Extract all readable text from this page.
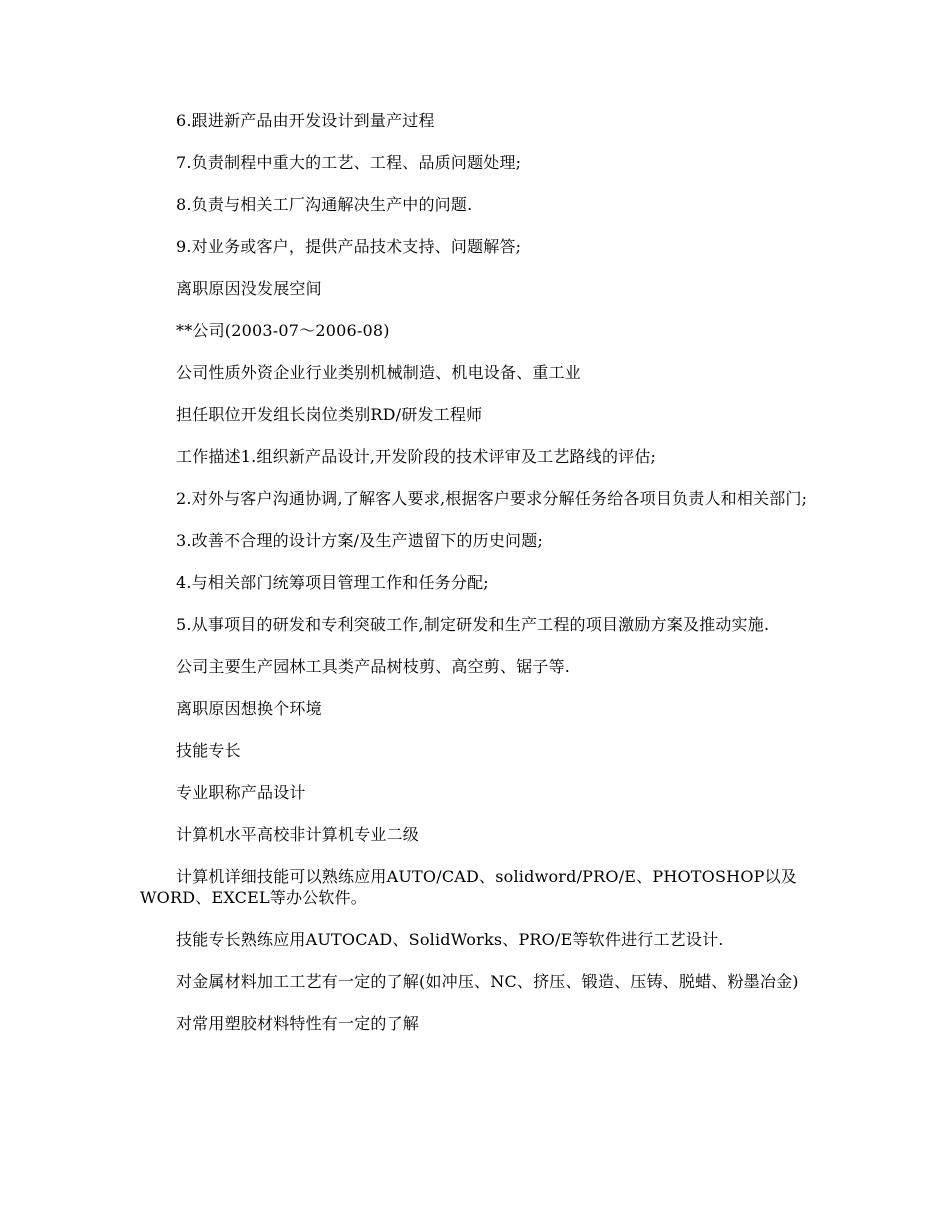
6.跟进新产品由开发设计到量产过程

7.负责制程中重大的工艺、工程、品质问题处理;

8.负责与相关工厂沟通解决生产中的问题.

9.对业务或客户，提供产品技术支持、问题解答;

离职原因没发展空间

**公司(2003-07～2006-08)

公司性质外资企业行业类别机械制造、机电设备、重工业

担任职位开发组长岗位类别RD/研发工程师

工作描述1.组织新产品设计,开发阶段的技术评审及工艺路线的评估;

2.对外与客户沟通协调,了解客人要求,根据客户要求分解任务给各项目负责人和相关部门;

3.改善不合理的设计方案/及生产遗留下的历史问题;

4.与相关部门统筹项目管理工作和任务分配;

5.从事项目的研发和专利突破工作,制定研发和生产工程的项目激励方案及推动实施.

公司主要生产园林工具类产品树枝剪、高空剪、锯子等.

离职原因想换个环境

技能专长

专业职称产品设计

计算机水平高校非计算机专业二级

计算机详细技能可以熟练应用AUTO/CAD、solidword/PRO/E、PHOTOSHOP以及WORD、EXCEL等办公软件。

技能专长熟练应用AUTOCAD、SolidWorks、PRO/E等软件进行工艺设计.

对金属材料加工工艺有一定的了解(如冲压、NC、挤压、锻造、压铸、脱蜡、粉墨冶金)

对常用塑胶材料特性有一定的了解
